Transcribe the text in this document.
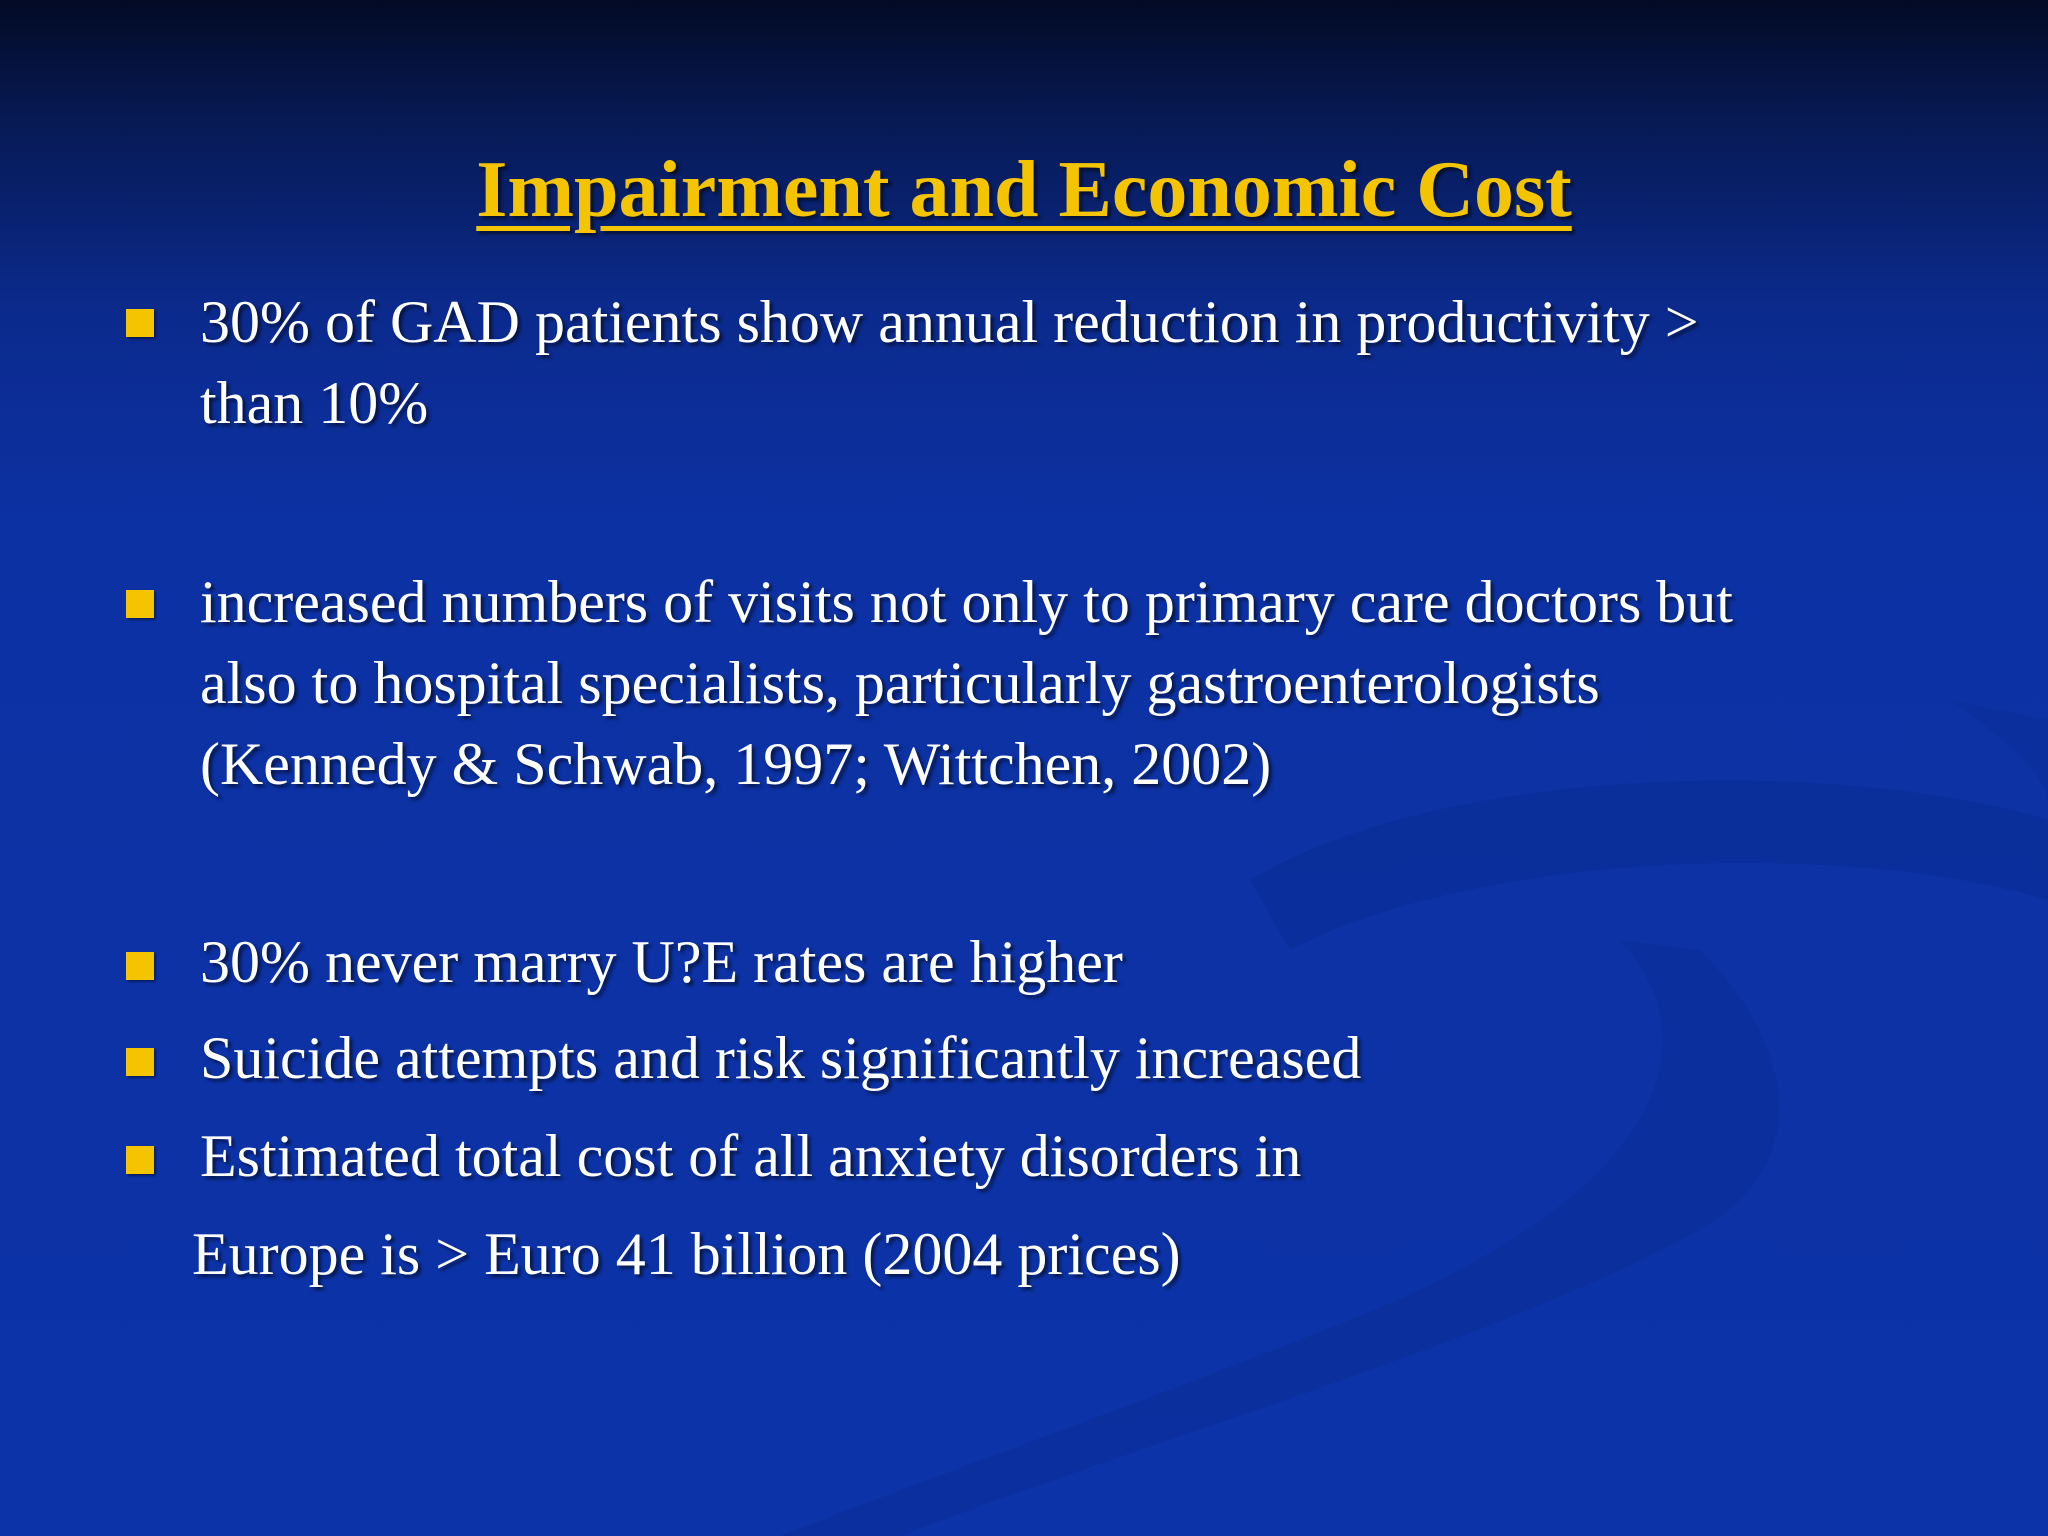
Impairment and Economic Cost
30% of GAD patients show annual reduction in productivity >
than 10%
increased numbers of visits not only to primary care doctors but
also to hospital specialists, particularly gastroenterologists
(Kennedy & Schwab, 1997; Wittchen, 2002)
30% never marry U?E rates are higher
Suicide attempts and risk significantly increased
Estimated total cost of all anxiety disorders in
Europe is > Euro 41 billion (2004 prices)
